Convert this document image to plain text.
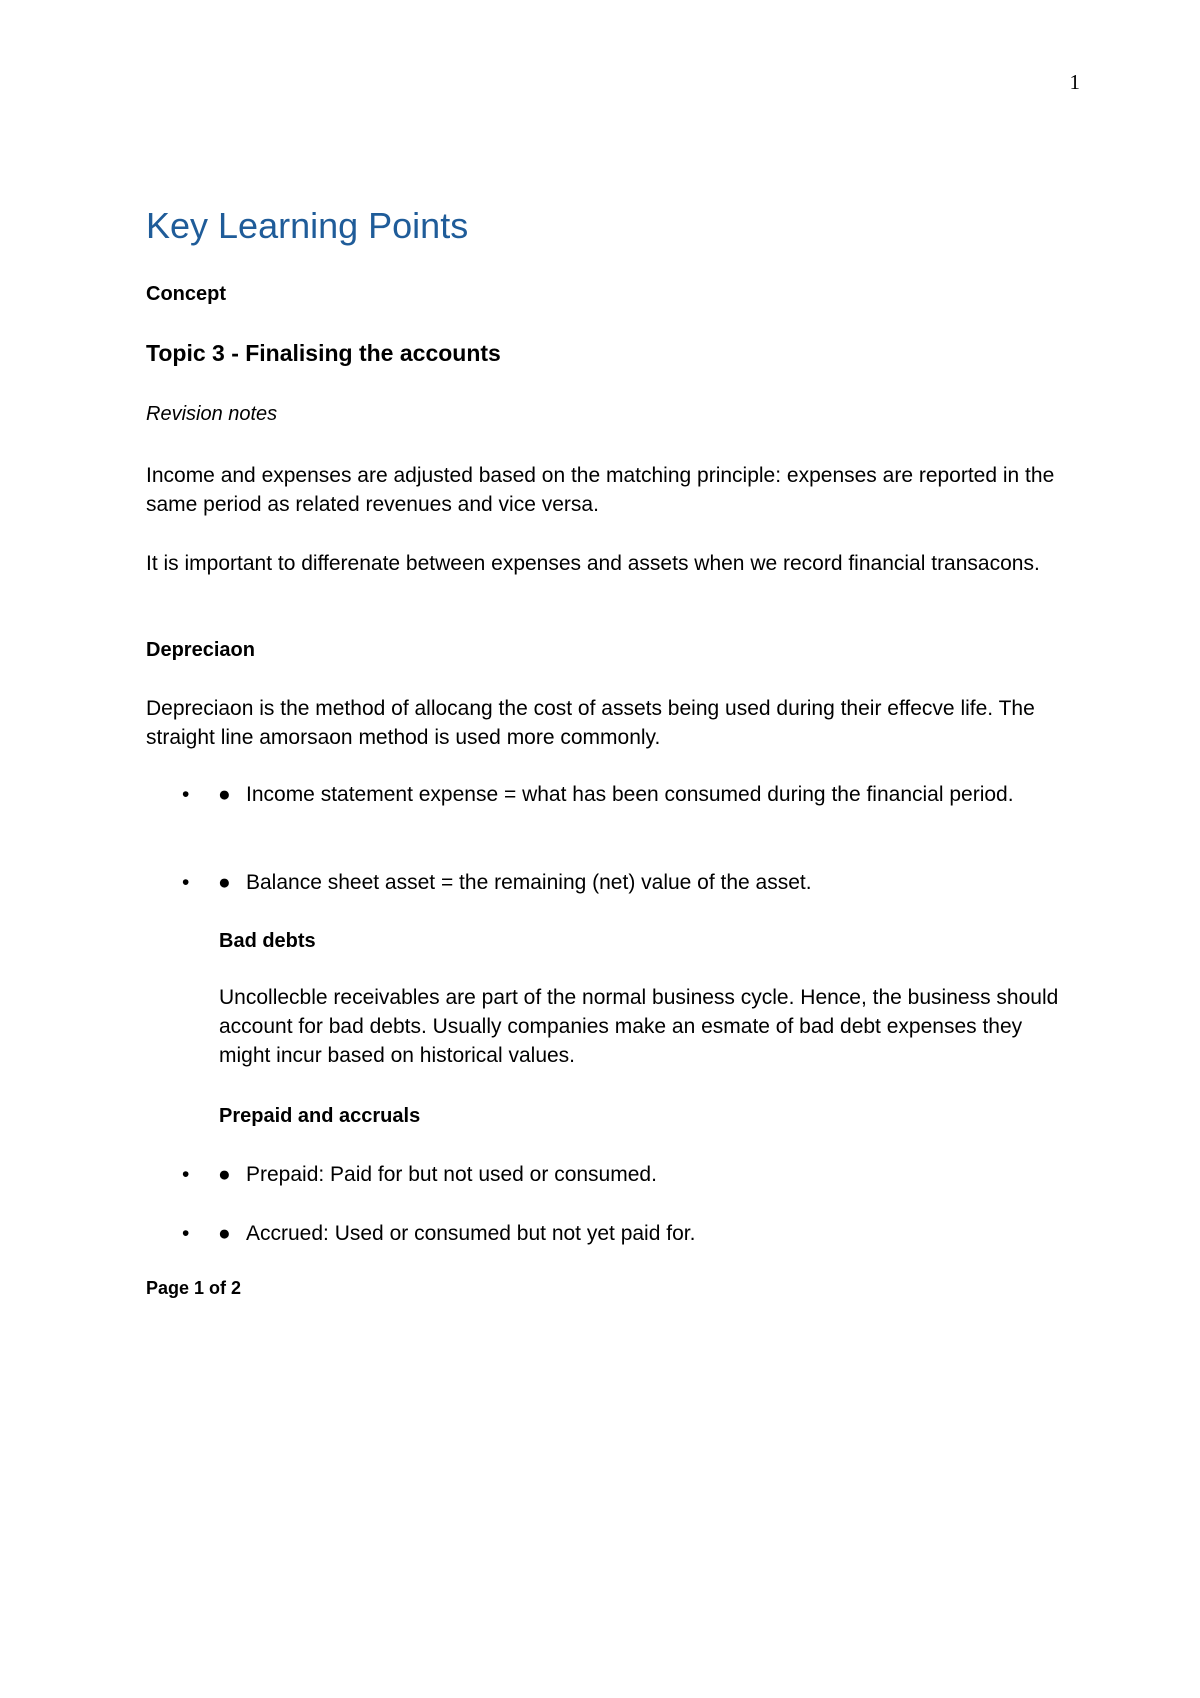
1
Key Learning Points
Concept
Topic 3 - Finalising the accounts
Revision notes

Income and expenses are adjusted based on the matching principle: expenses are reported in the same period as related revenues and vice versa.

It is important to differenate between expenses and assets when we record financial transacons.

Depreciaon

Depreciaon is the method of allocang the cost of assets being used during their effecve life. The straight line amorsaon method is used more commonly.

• ● Income statement expense = what has been consumed during the financial period.
• ● Balance sheet asset = the remaining (net) value of the asset.
Bad debts

Uncollecble receivables are part of the normal business cycle. Hence, the business should account for bad debts. Usually companies make an esmate of bad debt expenses they might incur based on historical values.

Prepaid and accruals
• ● Prepaid: Paid for but not used or consumed.
• ● Accrued: Used or consumed but not yet paid for.
Page 1 of 2
